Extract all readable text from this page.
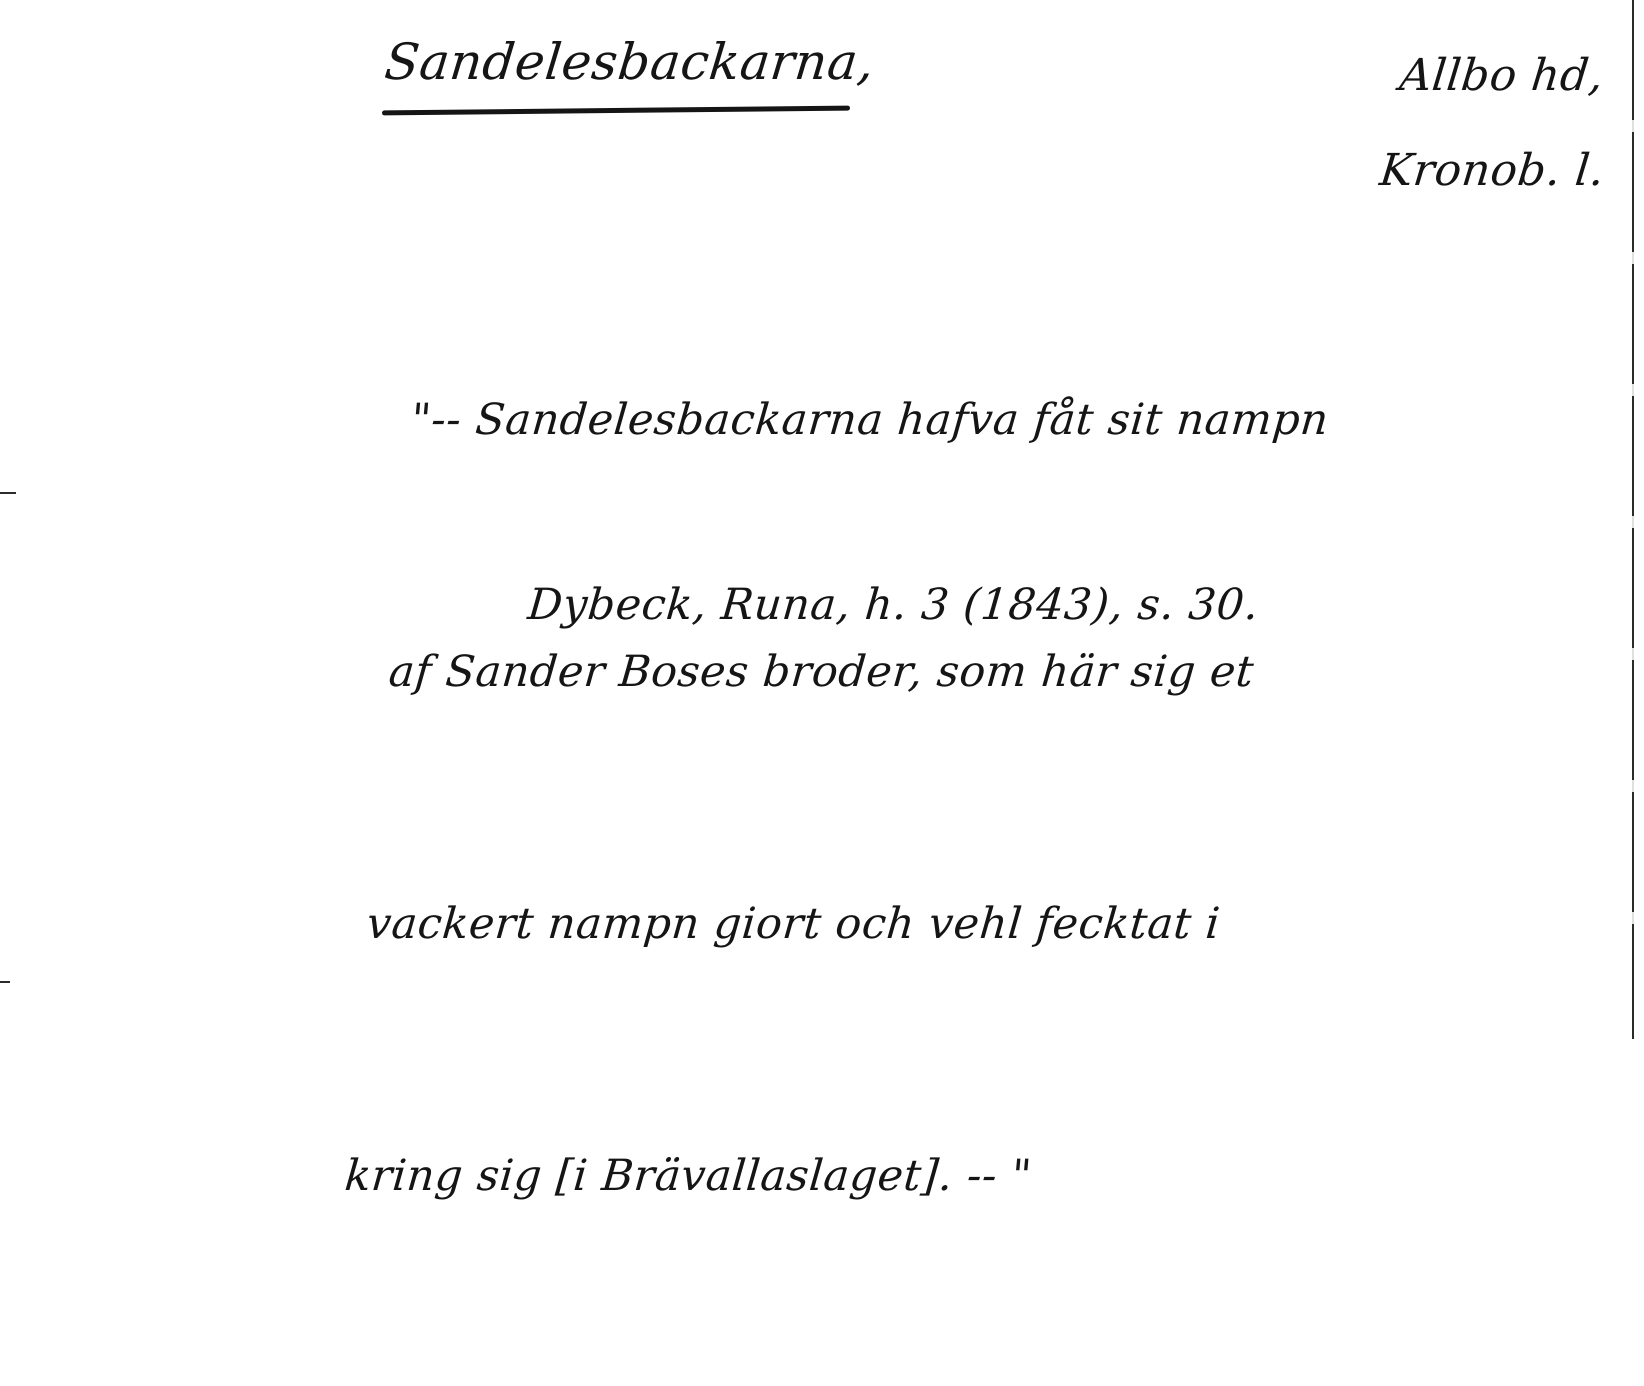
Sandelesbackarna,	Allbo hd,
Kronob. l.

"-- Sandelesbackarna hafva fåt sit nampn

af Sander Boses broder, som här sig et

vackert nampn giort och vehl fecktat i

kring sig [i Brävallaslaget]. -- "

Dybeck, Runa, h. 3 (1843), s. 30.
